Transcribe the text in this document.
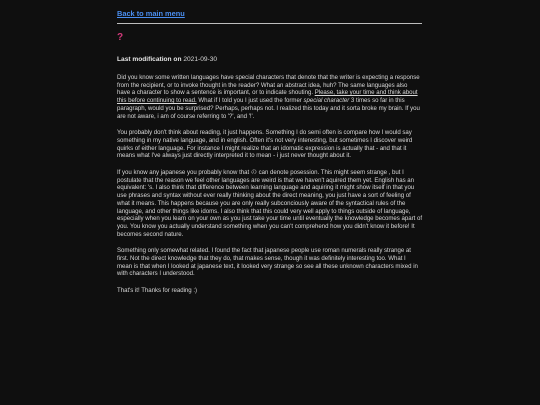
Back to main menu
?
Last modification on 2021-09-30

Did you know some written languages have special characters that denote that the writer is expecting a response from the recipient, or to invoke thought in the reader? What an abstract idea, huh? The same languages also have a character to show a sentence is important, or to indicate shouting. Please, take your time and think about this before continuing to read. What if I told you I just used the former special character 3 times so far in this paragraph, would you be surprised? Perhaps, perhaps not. I realized this today and it sorta broke my brain. If you are not aware, i am of course referring to '?', and '!'.

You probably don't think about reading, it just happens. Something I do semi often is compare how I would say something in my native language, and in english. Often it's not very interesting, but sometimes I discover weird quirks of either language. For instance I might realize that an idomatic expression is actually that - and that it means what I've always just directly interpreted it to mean - i just never thought about it.

If you know any japanese you probably know that の can denote posession. This might seem strange , but I postulate that the reason we feel other languages are weird is that we haven't aquired them yet. English has an equivalent: 's. I also think that difference between learning language and aquiring it might show itself in that you use phrases and syntax without ever really thinking about the direct meaning, you just have a sort of feeling of what it means. This happens because you are only really subconciously aware of the syntactical rules of the language, and other things like idoms. I also think that this could very well apply to things outside of language, especially when you learn on your own as you just take your time until eventually the knowledge becomes apart of you. You know you actually understand something when you can't comprehend how you didn't know it before! It becomes second nature.

Something only somewhat related. I found the fact that japanese people use roman numerals really strange at first. Not the direct knowledge that they do, that makes sense, though it was definitely interesting too. What I mean is that when I looked at japanese text, it looked very strange so see all these unknown characters mixed in with characters I understood.

That's it! Thanks for reading :)
